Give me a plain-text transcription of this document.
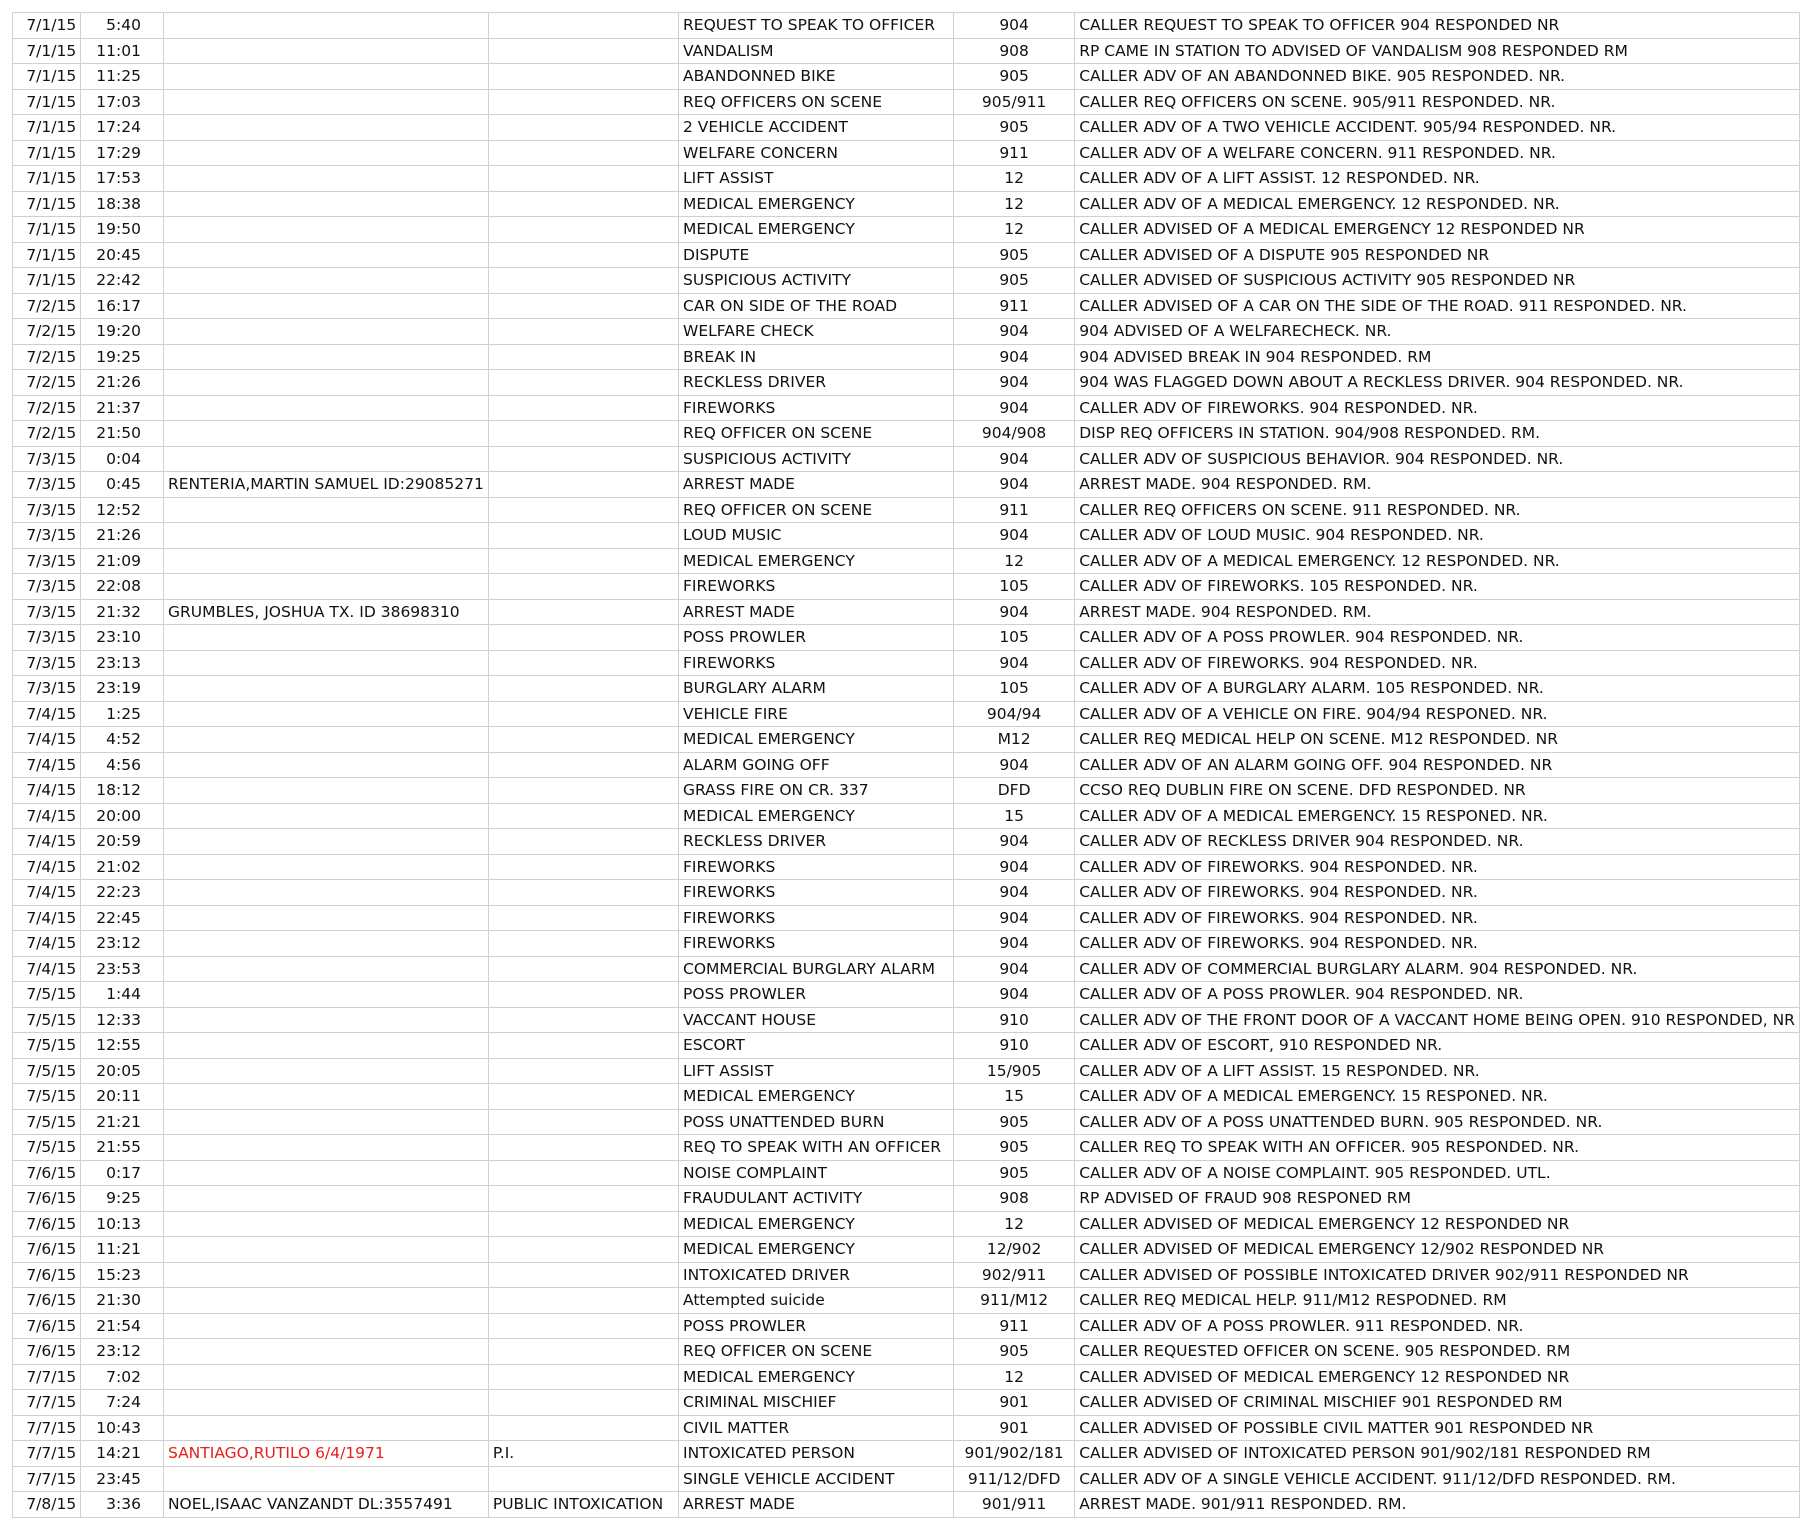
7/1/15	5:40			REQUEST TO SPEAK TO OFFICER	904	CALLER REQUEST TO SPEAK TO OFFICER 904 RESPONDED NR
7/1/15	11:01			VANDALISM	908	RP CAME IN STATION TO ADVISED OF VANDALISM 908 RESPONDED RM
7/1/15	11:25			ABANDONNED BIKE	905	CALLER ADV OF AN ABANDONNED BIKE. 905 RESPONDED. NR.
7/1/15	17:03			REQ OFFICERS ON SCENE	905/911	CALLER REQ OFFICERS ON SCENE. 905/911 RESPONDED. NR.
7/1/15	17:24			2 VEHICLE ACCIDENT	905	CALLER ADV OF A TWO VEHICLE ACCIDENT. 905/94 RESPONDED. NR.
7/1/15	17:29			WELFARE CONCERN	911	CALLER ADV OF A WELFARE CONCERN. 911 RESPONDED. NR.
7/1/15	17:53			LIFT ASSIST	12	CALLER ADV OF A LIFT ASSIST. 12 RESPONDED. NR.
7/1/15	18:38			MEDICAL EMERGENCY	12	CALLER ADV OF A MEDICAL EMERGENCY. 12 RESPONDED. NR.
7/1/15	19:50			MEDICAL EMERGENCY	12	CALLER ADVISED OF A MEDICAL EMERGENCY 12 RESPONDED NR
7/1/15	20:45			DISPUTE	905	CALLER ADVISED OF A DISPUTE 905 RESPONDED NR
7/1/15	22:42			SUSPICIOUS ACTIVITY	905	CALLER ADVISED OF SUSPICIOUS ACTIVITY 905 RESPONDED NR
7/2/15	16:17			CAR ON SIDE OF THE ROAD	911	CALLER ADVISED OF A CAR ON THE SIDE OF THE ROAD. 911 RESPONDED. NR.
7/2/15	19:20			WELFARE CHECK	904	904 ADVISED OF A WELFARECHECK. NR.
7/2/15	19:25			BREAK IN	904	904 ADVISED BREAK IN 904 RESPONDED. RM
7/2/15	21:26			RECKLESS DRIVER	904	904 WAS FLAGGED DOWN ABOUT A RECKLESS DRIVER. 904 RESPONDED. NR.
7/2/15	21:37			FIREWORKS	904	CALLER ADV OF FIREWORKS. 904 RESPONDED. NR.
7/2/15	21:50			REQ OFFICER ON SCENE	904/908	DISP REQ OFFICERS IN STATION. 904/908 RESPONDED. RM.
7/3/15	0:04			SUSPICIOUS ACTIVITY	904	CALLER ADV OF SUSPICIOUS BEHAVIOR. 904 RESPONDED. NR.
7/3/15	0:45	RENTERIA,MARTIN SAMUEL ID:29085271		ARREST MADE	904	ARREST MADE. 904 RESPONDED. RM.
7/3/15	12:52			REQ OFFICER ON SCENE	911	CALLER REQ OFFICERS ON SCENE. 911 RESPONDED. NR.
7/3/15	21:26			LOUD MUSIC	904	CALLER ADV OF LOUD MUSIC. 904 RESPONDED. NR.
7/3/15	21:09			MEDICAL EMERGENCY	12	CALLER ADV OF A MEDICAL EMERGENCY. 12 RESPONDED. NR.
7/3/15	22:08			FIREWORKS	105	CALLER ADV OF FIREWORKS. 105 RESPONDED. NR.
7/3/15	21:32	GRUMBLES, JOSHUA TX. ID 38698310		ARREST MADE	904	ARREST MADE. 904 RESPONDED. RM.
7/3/15	23:10			POSS PROWLER	105	CALLER ADV OF A POSS PROWLER. 904 RESPONDED. NR.
7/3/15	23:13			FIREWORKS	904	CALLER ADV OF FIREWORKS. 904 RESPONDED. NR.
7/3/15	23:19			BURGLARY ALARM	105	CALLER ADV OF A BURGLARY ALARM. 105 RESPONDED. NR.
7/4/15	1:25			VEHICLE FIRE	904/94	CALLER ADV OF A VEHICLE ON FIRE. 904/94 RESPONED. NR.
7/4/15	4:52			MEDICAL EMERGENCY	M12	CALLER REQ MEDICAL HELP ON SCENE. M12 RESPONDED. NR
7/4/15	4:56			ALARM GOING OFF	904	CALLER ADV OF AN ALARM GOING OFF. 904 RESPONDED. NR
7/4/15	18:12			GRASS FIRE ON CR. 337	DFD	CCSO REQ DUBLIN FIRE ON SCENE. DFD RESPONDED. NR
7/4/15	20:00			MEDICAL EMERGENCY	15	CALLER ADV OF A MEDICAL EMERGENCY. 15 RESPONED. NR.
7/4/15	20:59			RECKLESS DRIVER	904	CALLER ADV OF RECKLESS DRIVER 904 RESPONDED. NR.
7/4/15	21:02			FIREWORKS	904	CALLER ADV OF FIREWORKS. 904 RESPONDED. NR.
7/4/15	22:23			FIREWORKS	904	CALLER ADV OF FIREWORKS. 904 RESPONDED. NR.
7/4/15	22:45			FIREWORKS	904	CALLER ADV OF FIREWORKS. 904 RESPONDED. NR.
7/4/15	23:12			FIREWORKS	904	CALLER ADV OF FIREWORKS. 904 RESPONDED. NR.
7/4/15	23:53			COMMERCIAL BURGLARY ALARM	904	CALLER ADV OF COMMERCIAL BURGLARY ALARM. 904 RESPONDED. NR.
7/5/15	1:44			POSS PROWLER	904	CALLER ADV OF A POSS PROWLER. 904 RESPONDED. NR.
7/5/15	12:33			VACCANT HOUSE	910	CALLER ADV OF THE FRONT DOOR OF A VACCANT HOME BEING OPEN. 910 RESPONDED, NR
7/5/15	12:55			ESCORT	910	CALLER ADV OF ESCORT, 910 RESPONDED NR.
7/5/15	20:05			LIFT ASSIST	15/905	CALLER ADV OF A LIFT ASSIST. 15 RESPONDED. NR.
7/5/15	20:11			MEDICAL EMERGENCY	15	CALLER ADV OF A MEDICAL EMERGENCY. 15 RESPONED. NR.
7/5/15	21:21			POSS UNATTENDED BURN	905	CALLER ADV OF A POSS UNATTENDED BURN. 905 RESPONDED. NR.
7/5/15	21:55			REQ TO SPEAK WITH AN OFFICER	905	CALLER REQ TO SPEAK WITH AN OFFICER. 905 RESPONDED. NR.
7/6/15	0:17			NOISE COMPLAINT	905	CALLER ADV OF A NOISE COMPLAINT. 905 RESPONDED. UTL.
7/6/15	9:25			FRAUDULANT ACTIVITY	908	RP ADVISED OF FRAUD 908 RESPONED RM
7/6/15	10:13			MEDICAL EMERGENCY	12	CALLER ADVISED OF MEDICAL EMERGENCY 12 RESPONDED NR
7/6/15	11:21			MEDICAL EMERGENCY	12/902	CALLER ADVISED OF MEDICAL EMERGENCY 12/902 RESPONDED NR
7/6/15	15:23			INTOXICATED DRIVER	902/911	CALLER ADVISED OF POSSIBLE INTOXICATED DRIVER 902/911 RESPONDED NR
7/6/15	21:30			Attempted suicide	911/M12	CALLER REQ MEDICAL HELP. 911/M12 RESPODNED. RM
7/6/15	21:54			POSS PROWLER	911	CALLER ADV OF A POSS PROWLER. 911 RESPONDED. NR.
7/6/15	23:12			REQ OFFICER ON SCENE	905	CALLER REQUESTED OFFICER ON SCENE. 905 RESPONDED. RM
7/7/15	7:02			MEDICAL EMERGENCY	12	CALLER ADVISED OF MEDICAL EMERGENCY 12 RESPONDED NR
7/7/15	7:24			CRIMINAL MISCHIEF	901	CALLER ADVISED OF CRIMINAL MISCHIEF 901 RESPONDED RM
7/7/15	10:43			CIVIL MATTER	901	CALLER ADVISED OF POSSIBLE CIVIL MATTER 901 RESPONDED NR
7/7/15	14:21	SANTIAGO,RUTILO 6/4/1971	P.I.	INTOXICATED PERSON	901/902/181	CALLER ADVISED OF INTOXICATED PERSON 901/902/181 RESPONDED RM
7/7/15	23:45			SINGLE VEHICLE ACCIDENT	911/12/DFD	CALLER ADV OF A SINGLE VEHICLE ACCIDENT. 911/12/DFD RESPONDED. RM.
7/8/15	3:36	NOEL,ISAAC VANZANDT DL:3557491	PUBLIC INTOXICATION	ARREST MADE	901/911	ARREST MADE. 901/911 RESPONDED. RM.
